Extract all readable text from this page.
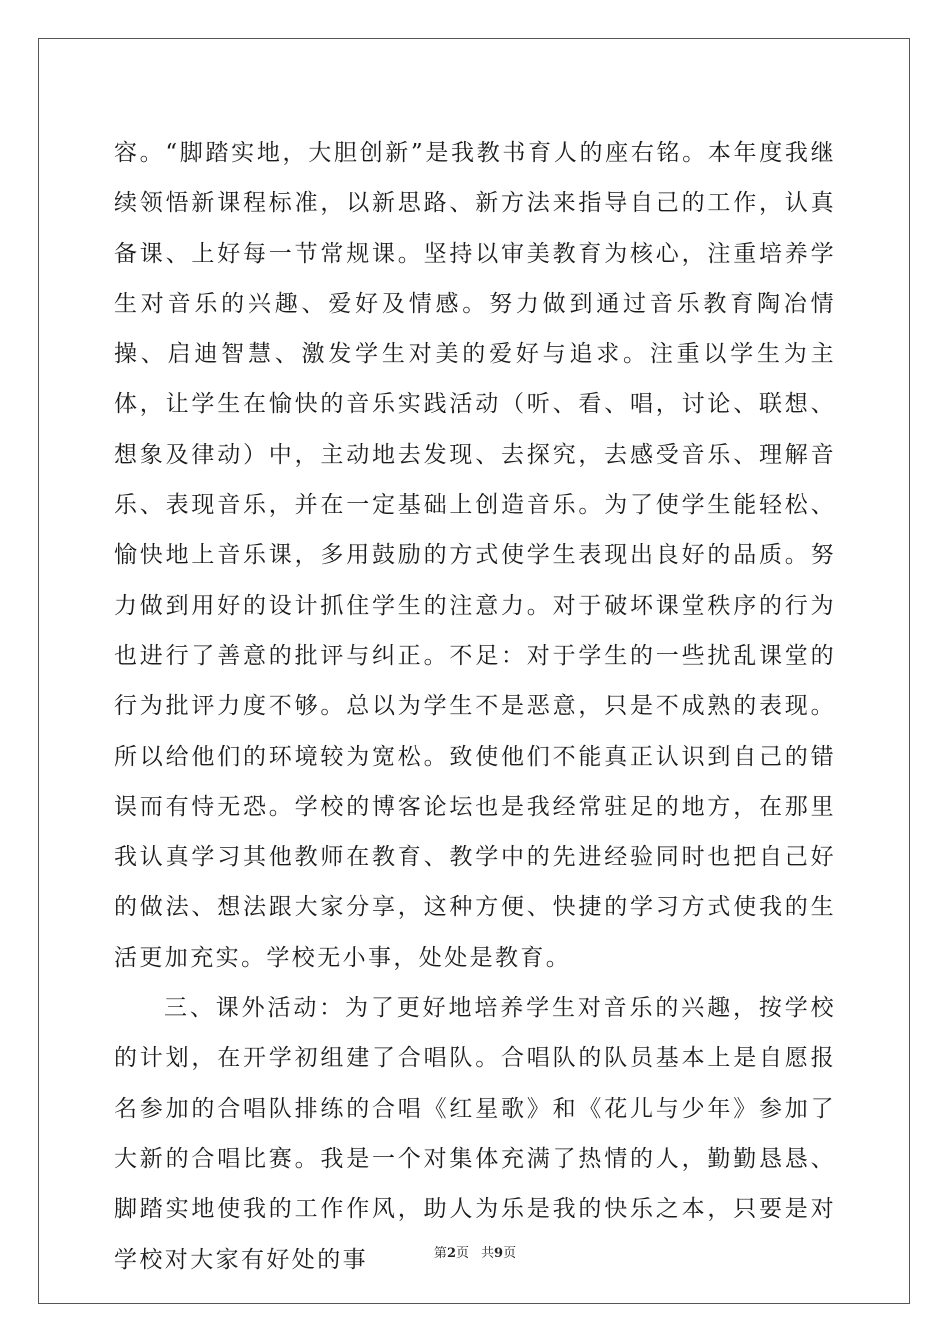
容。“脚踏实地，大胆创新”是我教书育人的座右铭。本年度我继续领悟新课程标准，以新思路、新方法来指导自己的工作，认真备课、上好每一节常规课。坚持以审美教育为核心，注重培养学生对音乐的兴趣、爱好及情感。努力做到通过音乐教育陶冶情操、启迪智慧、激发学生对美的爱好与追求。注重以学生为主体，让学生在愉快的音乐实践活动（听、看、唱，讨论、联想、想象及律动）中，主动地去发现、去探究，去感受音乐、理解音乐、表现音乐，并在一定基础上创造音乐。为了使学生能轻松、愉快地上音乐课，多用鼓励的方式使学生表现出良好的品质。努力做到用好的设计抓住学生的注意力。对于破坏课堂秩序的行为也进行了善意的批评与纠正。不足：对于学生的一些扰乱课堂的行为批评力度不够。总以为学生不是恶意，只是不成熟的表现。所以给他们的环境较为宽松。致使他们不能真正认识到自己的错误而有恃无恐。学校的博客论坛也是我经常驻足的地方，在那里我认真学习其他教师在教育、教学中的先进经验同时也把自己好的做法、想法跟大家分享，这种方便、快捷的学习方式使我的生活更加充实。学校无小事，处处是教育。

三、课外活动：为了更好地培养学生对音乐的兴趣，按学校的计划，在开学初组建了合唱队。合唱队的队员基本上是自愿报名参加的合唱队排练的合唱《红星歌》和《花儿与少年》参加了大新的合唱比赛。我是一个对集体充满了热情的人，勤勤恳恳、脚踏实地使我的工作作风，助人为乐是我的快乐之本，只要是对学校对大家有好处的事	第2页 共9页
